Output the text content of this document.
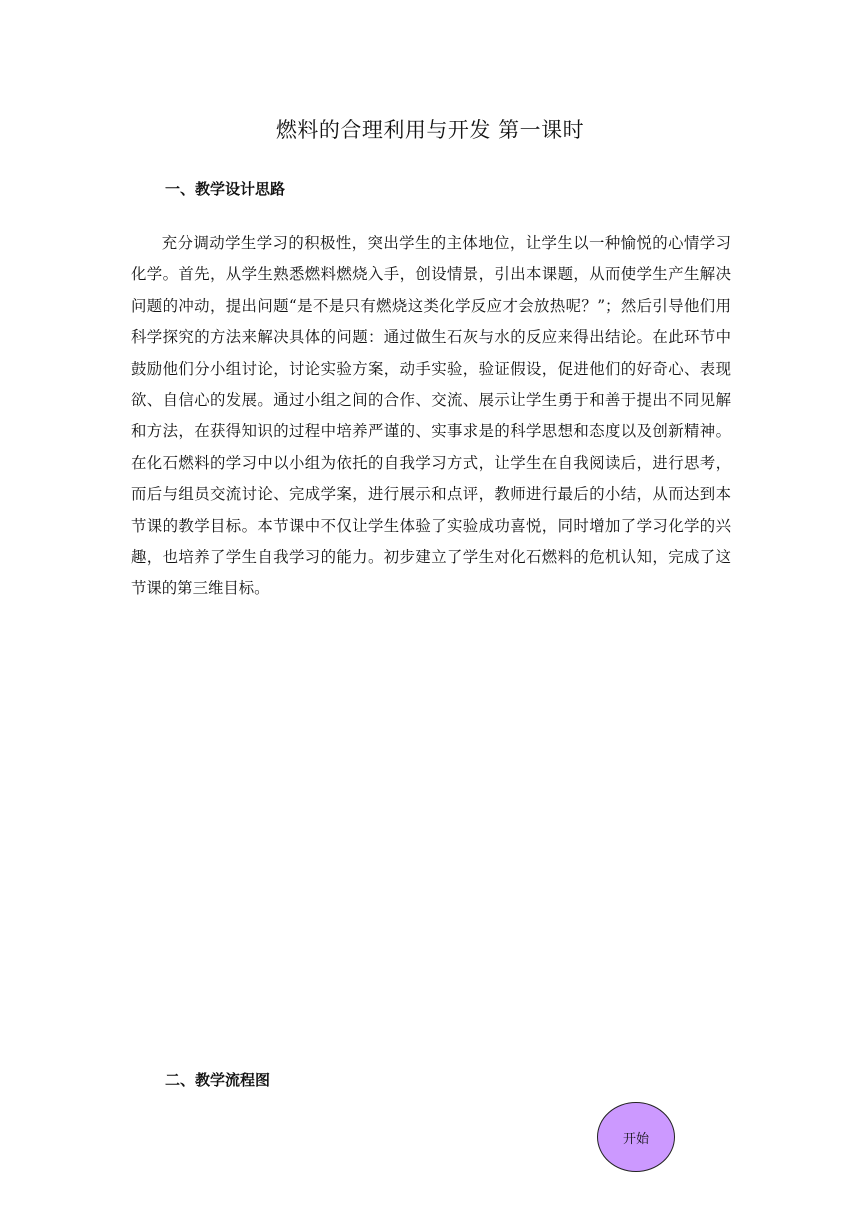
燃料的合理利用与开发 第一课时
一、教学设计思路

充分调动学生学习的积极性，突出学生的主体地位，让学生以一种愉悦的心情学习化学。首先，从学生熟悉燃料燃烧入手，创设情景，引出本课题，从而使学生产生解决问题的冲动，提出问题“是不是只有燃烧这类化学反应才会放热呢？”；然后引导他们用科学探究的方法来解决具体的问题：通过做生石灰与水的反应来得出结论。在此环节中鼓励他们分小组讨论，讨论实验方案，动手实验，验证假设，促进他们的好奇心、表现欲、自信心的发展。通过小组之间的合作、交流、展示让学生勇于和善于提出不同见解和方法，在获得知识的过程中培养严谨的、实事求是的科学思想和态度以及创新精神。在化石燃料的学习中以小组为依托的自我学习方式，让学生在自我阅读后，进行思考，而后与组员交流讨论、完成学案，进行展示和点评，教师进行最后的小结，从而达到本节课的教学目标。本节课中不仅让学生体验了实验成功喜悦，同时增加了学习化学的兴趣，也培养了学生自我学习的能力。初步建立了学生对化石燃料的危机认知，完成了这节课的第三维目标。

二、教学流程图
开始
